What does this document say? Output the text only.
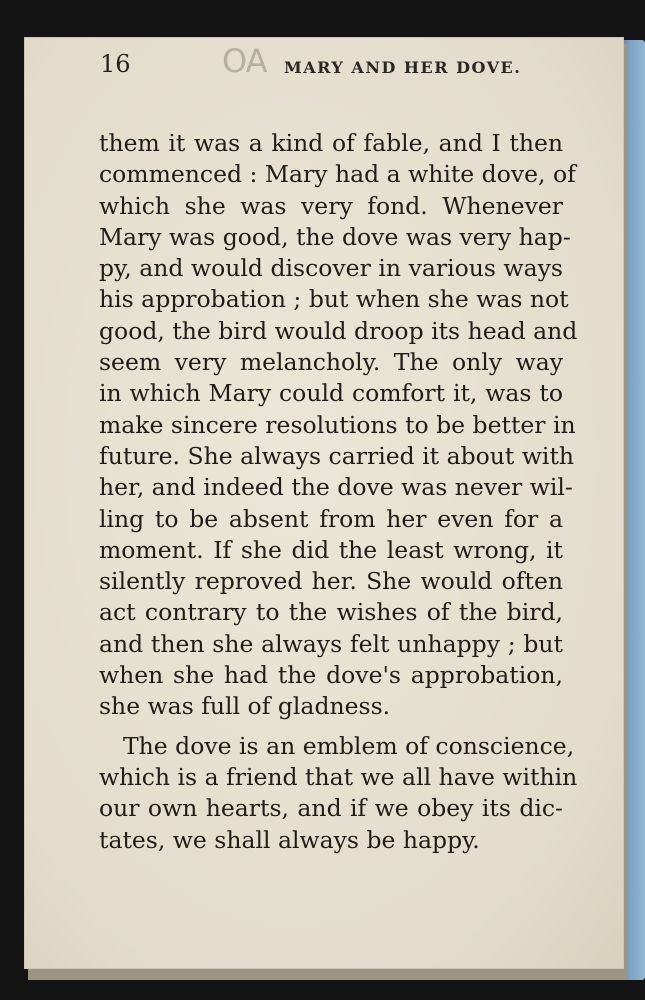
16	OA MARY AND HER DOVE.
them it was a kind of fable, and I then
commenced : Mary had a white dove, of
which she was very fond. Whenever
Mary was good, the dove was very hap-
py, and would discover in various ways
his approbation ; but when she was not
good, the bird would droop its head and
seem very melancholy. The only way
in which Mary could comfort it, was to
make sincere resolutions to be better in
future. She always carried it about with
her, and indeed the dove was never wil-
ling to be absent from her even for a
moment. If she did the least wrong, it
silently reproved her. She would often
act contrary to the wishes of the bird,
and then she always felt unhappy ; but
when she had the dove's approbation,
she was full of gladness.
The dove is an emblem of conscience,
which is a friend that we all have within
our own hearts, and if we obey its dic-
tates, we shall always be happy.
